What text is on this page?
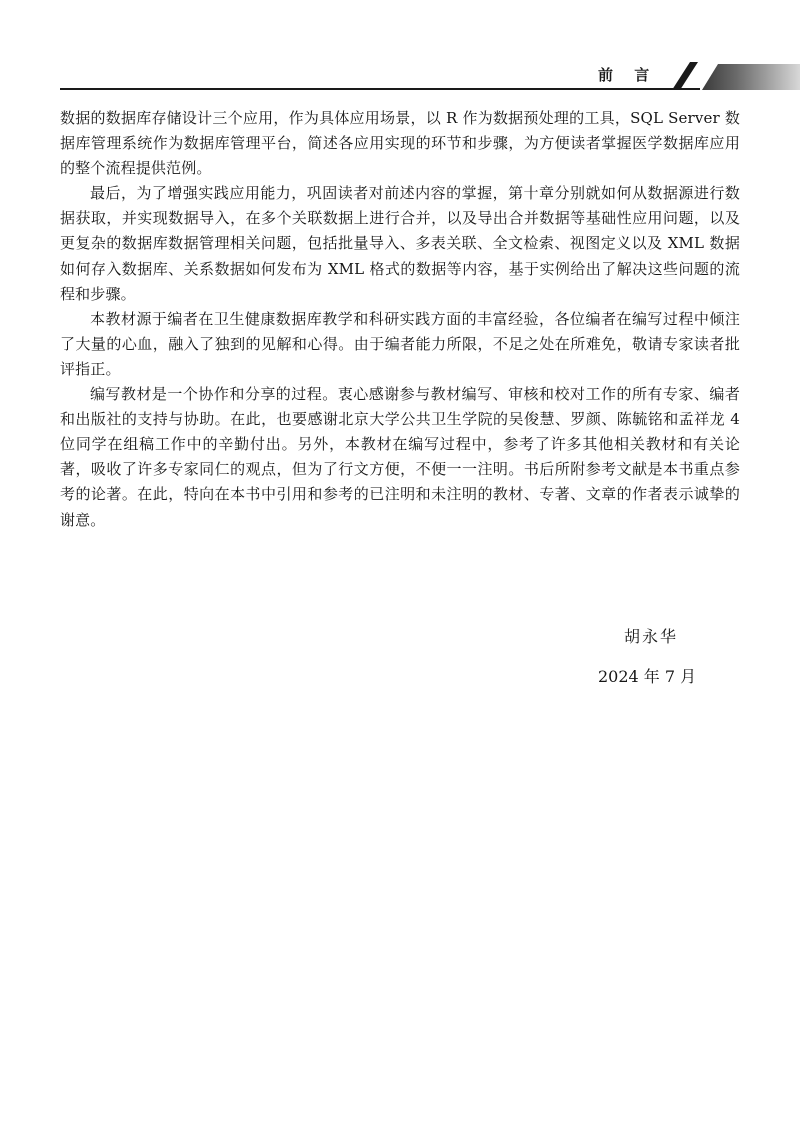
前 言

数据的数据库存储设计三个应用，作为具体应用场景，以 R 作为数据预处理的工具，SQL Server 数据库管理系统作为数据库管理平台，简述各应用实现的环节和步骤，为方便读者掌握医学数据库应用的整个流程提供范例。

最后，为了增强实践应用能力，巩固读者对前述内容的掌握，第十章分别就如何从数据源进行数据获取，并实现数据导入，在多个关联数据上进行合并，以及导出合并数据等基础性应用问题，以及更复杂的数据库数据管理相关问题，包括批量导入、多表关联、全文检索、视图定义以及 XML 数据如何存入数据库、关系数据如何发布为 XML 格式的数据等内容，基于实例给出了解决这些问题的流程和步骤。

本教材源于编者在卫生健康数据库教学和科研实践方面的丰富经验，各位编者在编写过程中倾注了大量的心血，融入了独到的见解和心得。由于编者能力所限，不足之处在所难免，敬请专家读者批评指正。

编写教材是一个协作和分享的过程。衷心感谢参与教材编写、审核和校对工作的所有专家、编者和出版社的支持与协助。在此，也要感谢北京大学公共卫生学院的吴俊慧、罗颜、陈毓铭和孟祥龙 4 位同学在组稿工作中的辛勤付出。另外，本教材在编写过程中，参考了许多其他相关教材和有关论著，吸收了许多专家同仁的观点，但为了行文方便，不便一一注明。书后所附参考文献是本书重点参考的论著。在此，特向在本书中引用和参考的已注明和未注明的教材、专著、文章的作者表示诚挚的谢意。

胡永华
2024 年 7 月
